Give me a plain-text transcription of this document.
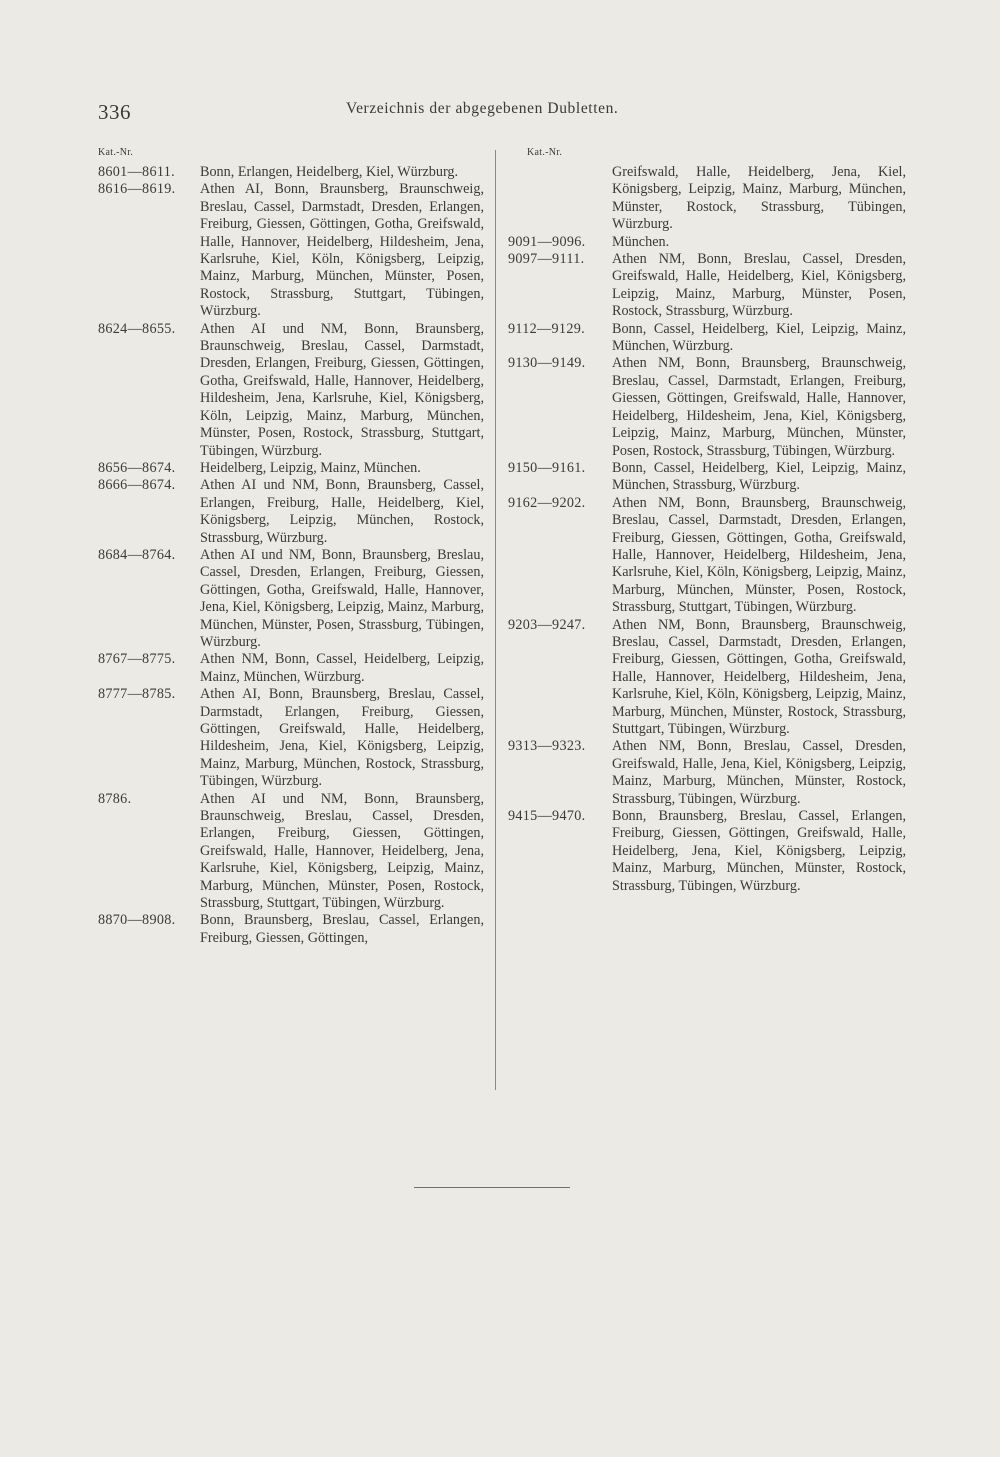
336	Verzeichnis der abgegebenen Dubletten.
Kat.-Nr.
8601—8611.	Bonn, Erlangen, Heidelberg, Kiel, Würzburg.
8616—8619.	Athen AI, Bonn, Braunsberg, Braunschweig, Breslau, Cassel, Darmstadt, Dresden, Erlangen, Freiburg, Giessen, Göttingen, Gotha, Greifswald, Halle, Hannover, Heidelberg, Hildesheim, Jena, Karlsruhe, Kiel, Köln, Königsberg, Leipzig, Mainz, Marburg, München, Münster, Posen, Rostock, Strassburg, Stuttgart, Tübingen, Würzburg.
8624—8655.	Athen AI und NM, Bonn, Braunsberg, Braunschweig, Breslau, Cassel, Darmstadt, Dresden, Erlangen, Freiburg, Giessen, Göttingen, Gotha, Greifswald, Halle, Hannover, Heidelberg, Hildesheim, Jena, Karlsruhe, Kiel, Königsberg, Köln, Leipzig, Mainz, Marburg, München, Münster, Posen, Rostock, Strassburg, Stuttgart, Tübingen, Würzburg.
8656—8674.	Heidelberg, Leipzig, Mainz, München.
8666—8674.	Athen AI und NM, Bonn, Braunsberg, Cassel, Erlangen, Freiburg, Halle, Heidelberg, Kiel, Königsberg, Leipzig, München, Rostock, Strassburg, Würzburg.
8684—8764.	Athen AI und NM, Bonn, Braunsberg, Breslau, Cassel, Dresden, Erlangen, Freiburg, Giessen, Göttingen, Gotha, Greifswald, Halle, Hannover, Jena, Kiel, Königsberg, Leipzig, Mainz, Marburg, München, Münster, Posen, Strassburg, Tübingen, Würzburg.
8767—8775.	Athen NM, Bonn, Cassel, Heidelberg, Leipzig, Mainz, München, Würzburg.
8777—8785.	Athen AI, Bonn, Braunsberg, Breslau, Cassel, Darmstadt, Erlangen, Freiburg, Giessen, Göttingen, Greifswald, Halle, Heidelberg, Hildesheim, Jena, Kiel, Königsberg, Leipzig, Mainz, Marburg, München, Rostock, Strassburg, Tübingen, Würzburg.
8786.	Athen AI und NM, Bonn, Braunsberg, Braunschweig, Breslau, Cassel, Dresden, Erlangen, Freiburg, Giessen, Göttingen, Greifswald, Halle, Hannover, Heidelberg, Jena, Karlsruhe, Kiel, Königsberg, Leipzig, Mainz, Marburg, München, Münster, Posen, Rostock, Strassburg, Stuttgart, Tübingen, Würzburg.
8870—8908.	Bonn, Braunsberg, Breslau, Cassel, Erlangen, Freiburg, Giessen, Göttingen,
Kat.-Nr.
Greifswald, Halle, Heidelberg, Jena, Kiel, Königsberg, Leipzig, Mainz, Marburg, München, Münster, Rostock, Strassburg, Tübingen, Würzburg.
9091—9096.	München.
9097—9111.	Athen NM, Bonn, Breslau, Cassel, Dresden, Greifswald, Halle, Heidelberg, Kiel, Königsberg, Leipzig, Mainz, Marburg, Münster, Posen, Rostock, Strassburg, Würzburg.
9112—9129.	Bonn, Cassel, Heidelberg, Kiel, Leipzig, Mainz, München, Würzburg.
9130—9149.	Athen NM, Bonn, Braunsberg, Braunschweig, Breslau, Cassel, Darmstadt, Erlangen, Freiburg, Giessen, Göttingen, Greifswald, Halle, Hannover, Heidelberg, Hildesheim, Jena, Kiel, Königsberg, Leipzig, Mainz, Marburg, München, Münster, Posen, Rostock, Strassburg, Tübingen, Würzburg.
9150—9161.	Bonn, Cassel, Heidelberg, Kiel, Leipzig, Mainz, München, Strassburg, Würzburg.
9162—9202.	Athen NM, Bonn, Braunsberg, Braunschweig, Breslau, Cassel, Darmstadt, Dresden, Erlangen, Freiburg, Giessen, Göttingen, Gotha, Greifswald, Halle, Hannover, Heidelberg, Hildesheim, Jena, Karlsruhe, Kiel, Köln, Königsberg, Leipzig, Mainz, Marburg, München, Münster, Posen, Rostock, Strassburg, Stuttgart, Tübingen, Würzburg.
9203—9247.	Athen NM, Bonn, Braunsberg, Braunschweig, Breslau, Cassel, Darmstadt, Dresden, Erlangen, Freiburg, Giessen, Göttingen, Gotha, Greifswald, Halle, Hannover, Heidelberg, Hildesheim, Jena, Karlsruhe, Kiel, Köln, Königsberg, Leipzig, Mainz, Marburg, München, Münster, Rostock, Strassburg, Stuttgart, Tübingen, Würzburg.
9313—9323.	Athen NM, Bonn, Breslau, Cassel, Dresden, Greifswald, Halle, Jena, Kiel, Königsberg, Leipzig, Mainz, Marburg, München, Münster, Rostock, Strassburg, Tübingen, Würzburg.
9415—9470.	Bonn, Braunsberg, Breslau, Cassel, Erlangen, Freiburg, Giessen, Göttingen, Greifswald, Halle, Heidelberg, Jena, Kiel, Königsberg, Leipzig, Mainz, Marburg, München, Münster, Rostock, Strassburg, Tübingen, Würzburg.
